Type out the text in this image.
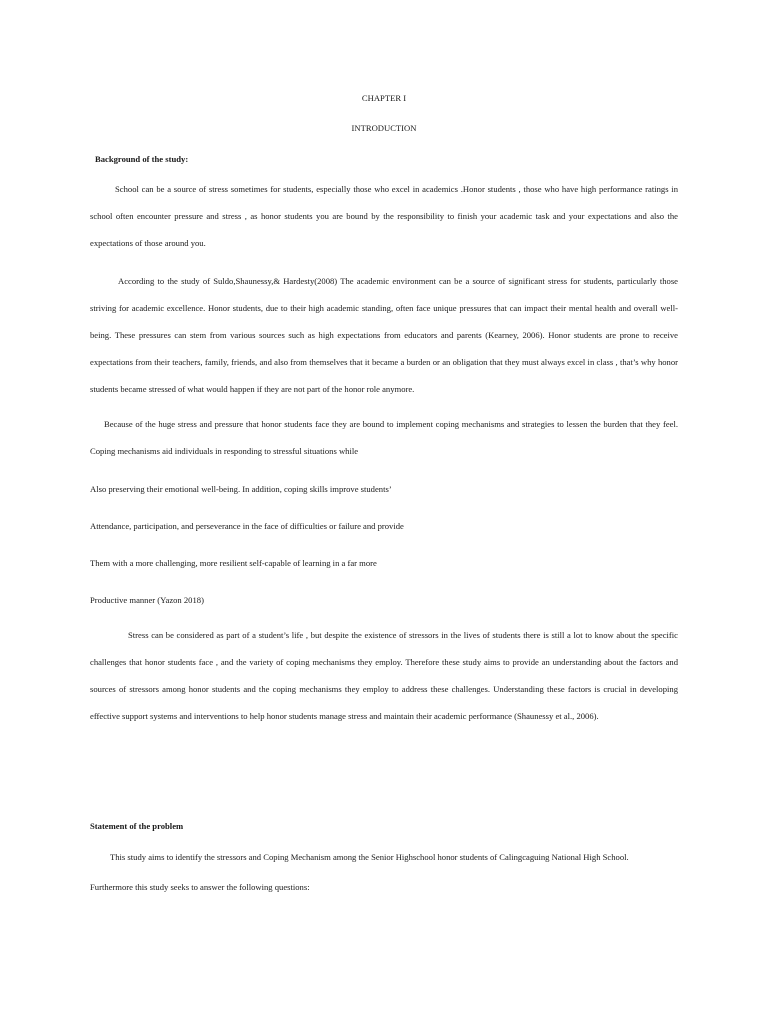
CHAPTER I
INTRODUCTION
Background of the study:

School can be a source of stress sometimes for students, especially those who excel in academics .Honor students , those who have high performance ratings in school often encounter pressure and stress , as honor students you are bound by the responsibility to finish your academic task and your expectations and also the expectations of those around you.

According to the study of Suldo,Shaunessy,& Hardesty(2008) The academic environment can be a source of significant stress for students, particularly those striving for academic excellence. Honor students, due to their high academic standing, often face unique pressures that can impact their mental health and overall well-being. These pressures can stem from various sources such as high expectations from educators and parents (Kearney, 2006). Honor students are prone to receive expectations from their teachers, family, friends, and also from themselves that it became a burden or an obligation that they must always excel in class , that’s why honor students became stressed of what would happen if they are not part of the honor role anymore.

Because of the huge stress and pressure that honor students face they are bound to implement coping mechanisms and strategies to lessen the burden that they feel. Coping mechanisms aid individuals in responding to stressful situations while

Also preserving their emotional well-being. In addition, coping skills improve students’

Attendance, participation, and perseverance in the face of difficulties or failure and provide

Them with a more challenging, more resilient self-capable of learning in a far more

Productive manner (Yazon 2018)

Stress can be considered as part of a student’s life , but despite the existence of stressors in the lives of students there is still a lot to know about the specific challenges that honor students face , and the variety of coping mechanisms they employ. Therefore these study aims to provide an understanding about the factors and sources of stressors among honor students and the coping mechanisms they employ to address these challenges. Understanding these factors is crucial in developing effective support systems and interventions to help honor students manage stress and maintain their academic performance (Shaunessy et al., 2006).

Statement of the problem

This study aims to identify the stressors and Coping Mechanism among the Senior Highschool honor students of Calingcaguing National High School.

Furthermore this study seeks to answer the following questions:
